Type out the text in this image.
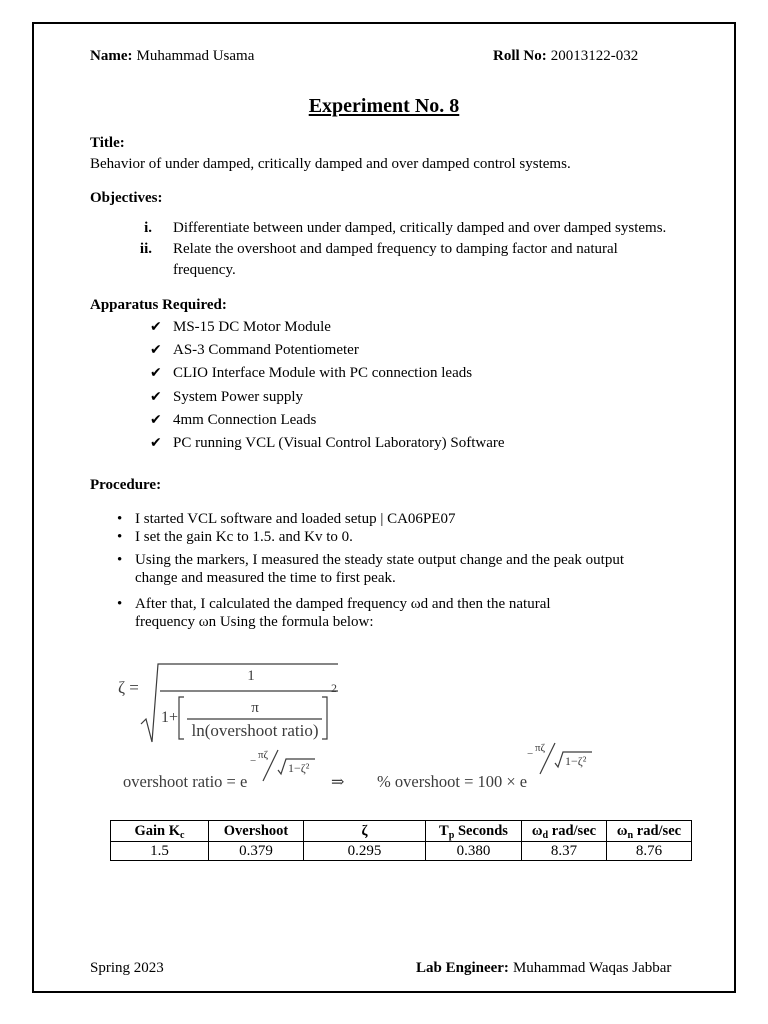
Name: Muhammad Usama	Roll No: 20013122-032
Experiment No. 8
Title:
Behavior of under damped, critically damped and over damped control systems.
Objectives:
i. Differentiate between under damped, critically damped and over damped systems.
ii. Relate the overshoot and damped frequency to damping factor and natural
frequency.
Apparatus Required:
✔
MS-15 DC Motor Module
✔
AS-3 Command Potentiometer
✔
CLIO Interface Module with PC connection leads
✔
System Power supply
✔
4mm Connection Leads
✔
PC running VCL (Visual Control Laboratory) Software
Procedure:
•
I started VCL software and loaded setup | CA06PE07
•
I set the gain Kc to 1.5. and Kv to 0.
•
Using the markers, I measured the steady state output change and the peak output
change and measured the time to first peak.
•
After that, I calculated the damped frequency ωd and then the natural
frequency ωn Using the formula below:
ζ =
1
1+
π
ln(overshoot ratio)
2
overshoot ratio = e
− πζ
1−ζ²
⇒ % overshoot = 100 × e
− πζ
1−ζ²
Gain $K_c$	Overshoot	ζ	$T_p$ Seconds	$\omega_d$ rad/sec	$\omega_n$ rad/sec
1.5	0.379	0.295	0.380	8.37	8.76
Spring 2023	Lab Engineer: Muhammad Waqas Jabbar
